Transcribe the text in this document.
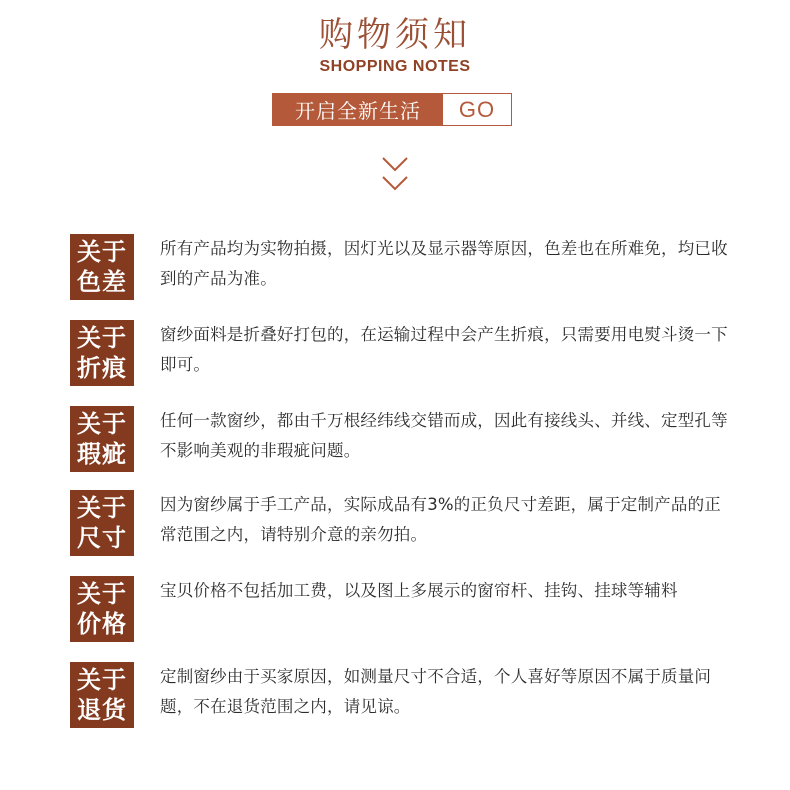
购物须知
SHOPPING NOTES
开启全新生活	GO
关于
色差
所有产品均为实物拍摄，因灯光以及显示器等原因，色差也在所难免，均已收到的产品为准。
关于
折痕
窗纱面料是折叠好打包的，在运输过程中会产生折痕，只需要用电熨斗烫一下即可。
关于
瑕疵
任何一款窗纱，都由千万根经纬线交错而成，因此有接线头、并线、定型孔等不影响美观的非瑕疵问题。
关于
尺寸
因为窗纱属于手工产品，实际成品有3%的正负尺寸差距，属于定制产品的正常范围之内，请特别介意的亲勿拍。
关于
价格
宝贝价格不包括加工费，以及图上多展示的窗帘杆、挂钩、挂球等辅料
关于
退货
定制窗纱由于买家原因，如测量尺寸不合适，个人喜好等原因不属于质量问题，不在退货范围之内，请见谅。
